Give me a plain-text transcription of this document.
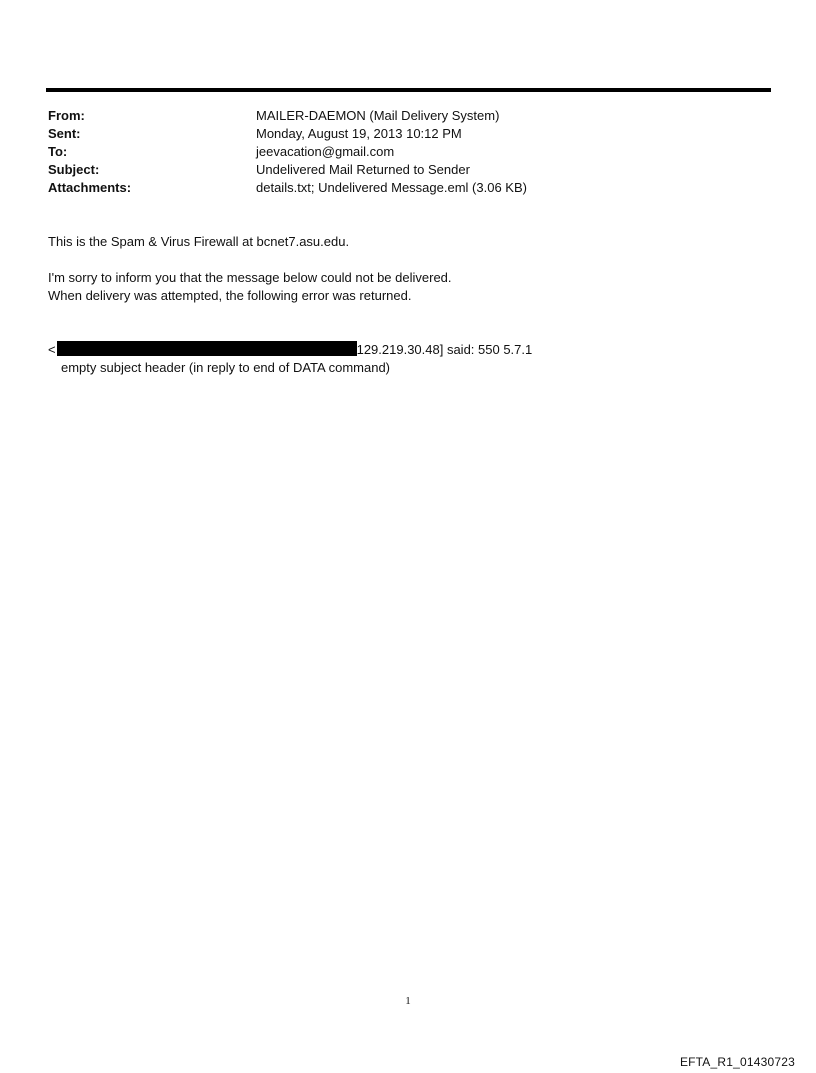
From:	MAILER-DAEMON (Mail Delivery System)
Sent:	Monday, August 19, 2013 10:12 PM
To:	jeevacation@gmail.com
Subject:	Undelivered Mail Returned to Sender
Attachments:	details.txt; Undelivered Message.eml (3.06 KB)
This is the Spam & Virus Firewall at bcnet7.asu.edu.
I'm sorry to inform you that the message below could not be delivered.
When delivery was attempted, the following error was returned.
<	129.219.30.48] said: 550 5.7.1
empty subject header (in reply to end of DATA command)
1
EFTA_R1_01430723
